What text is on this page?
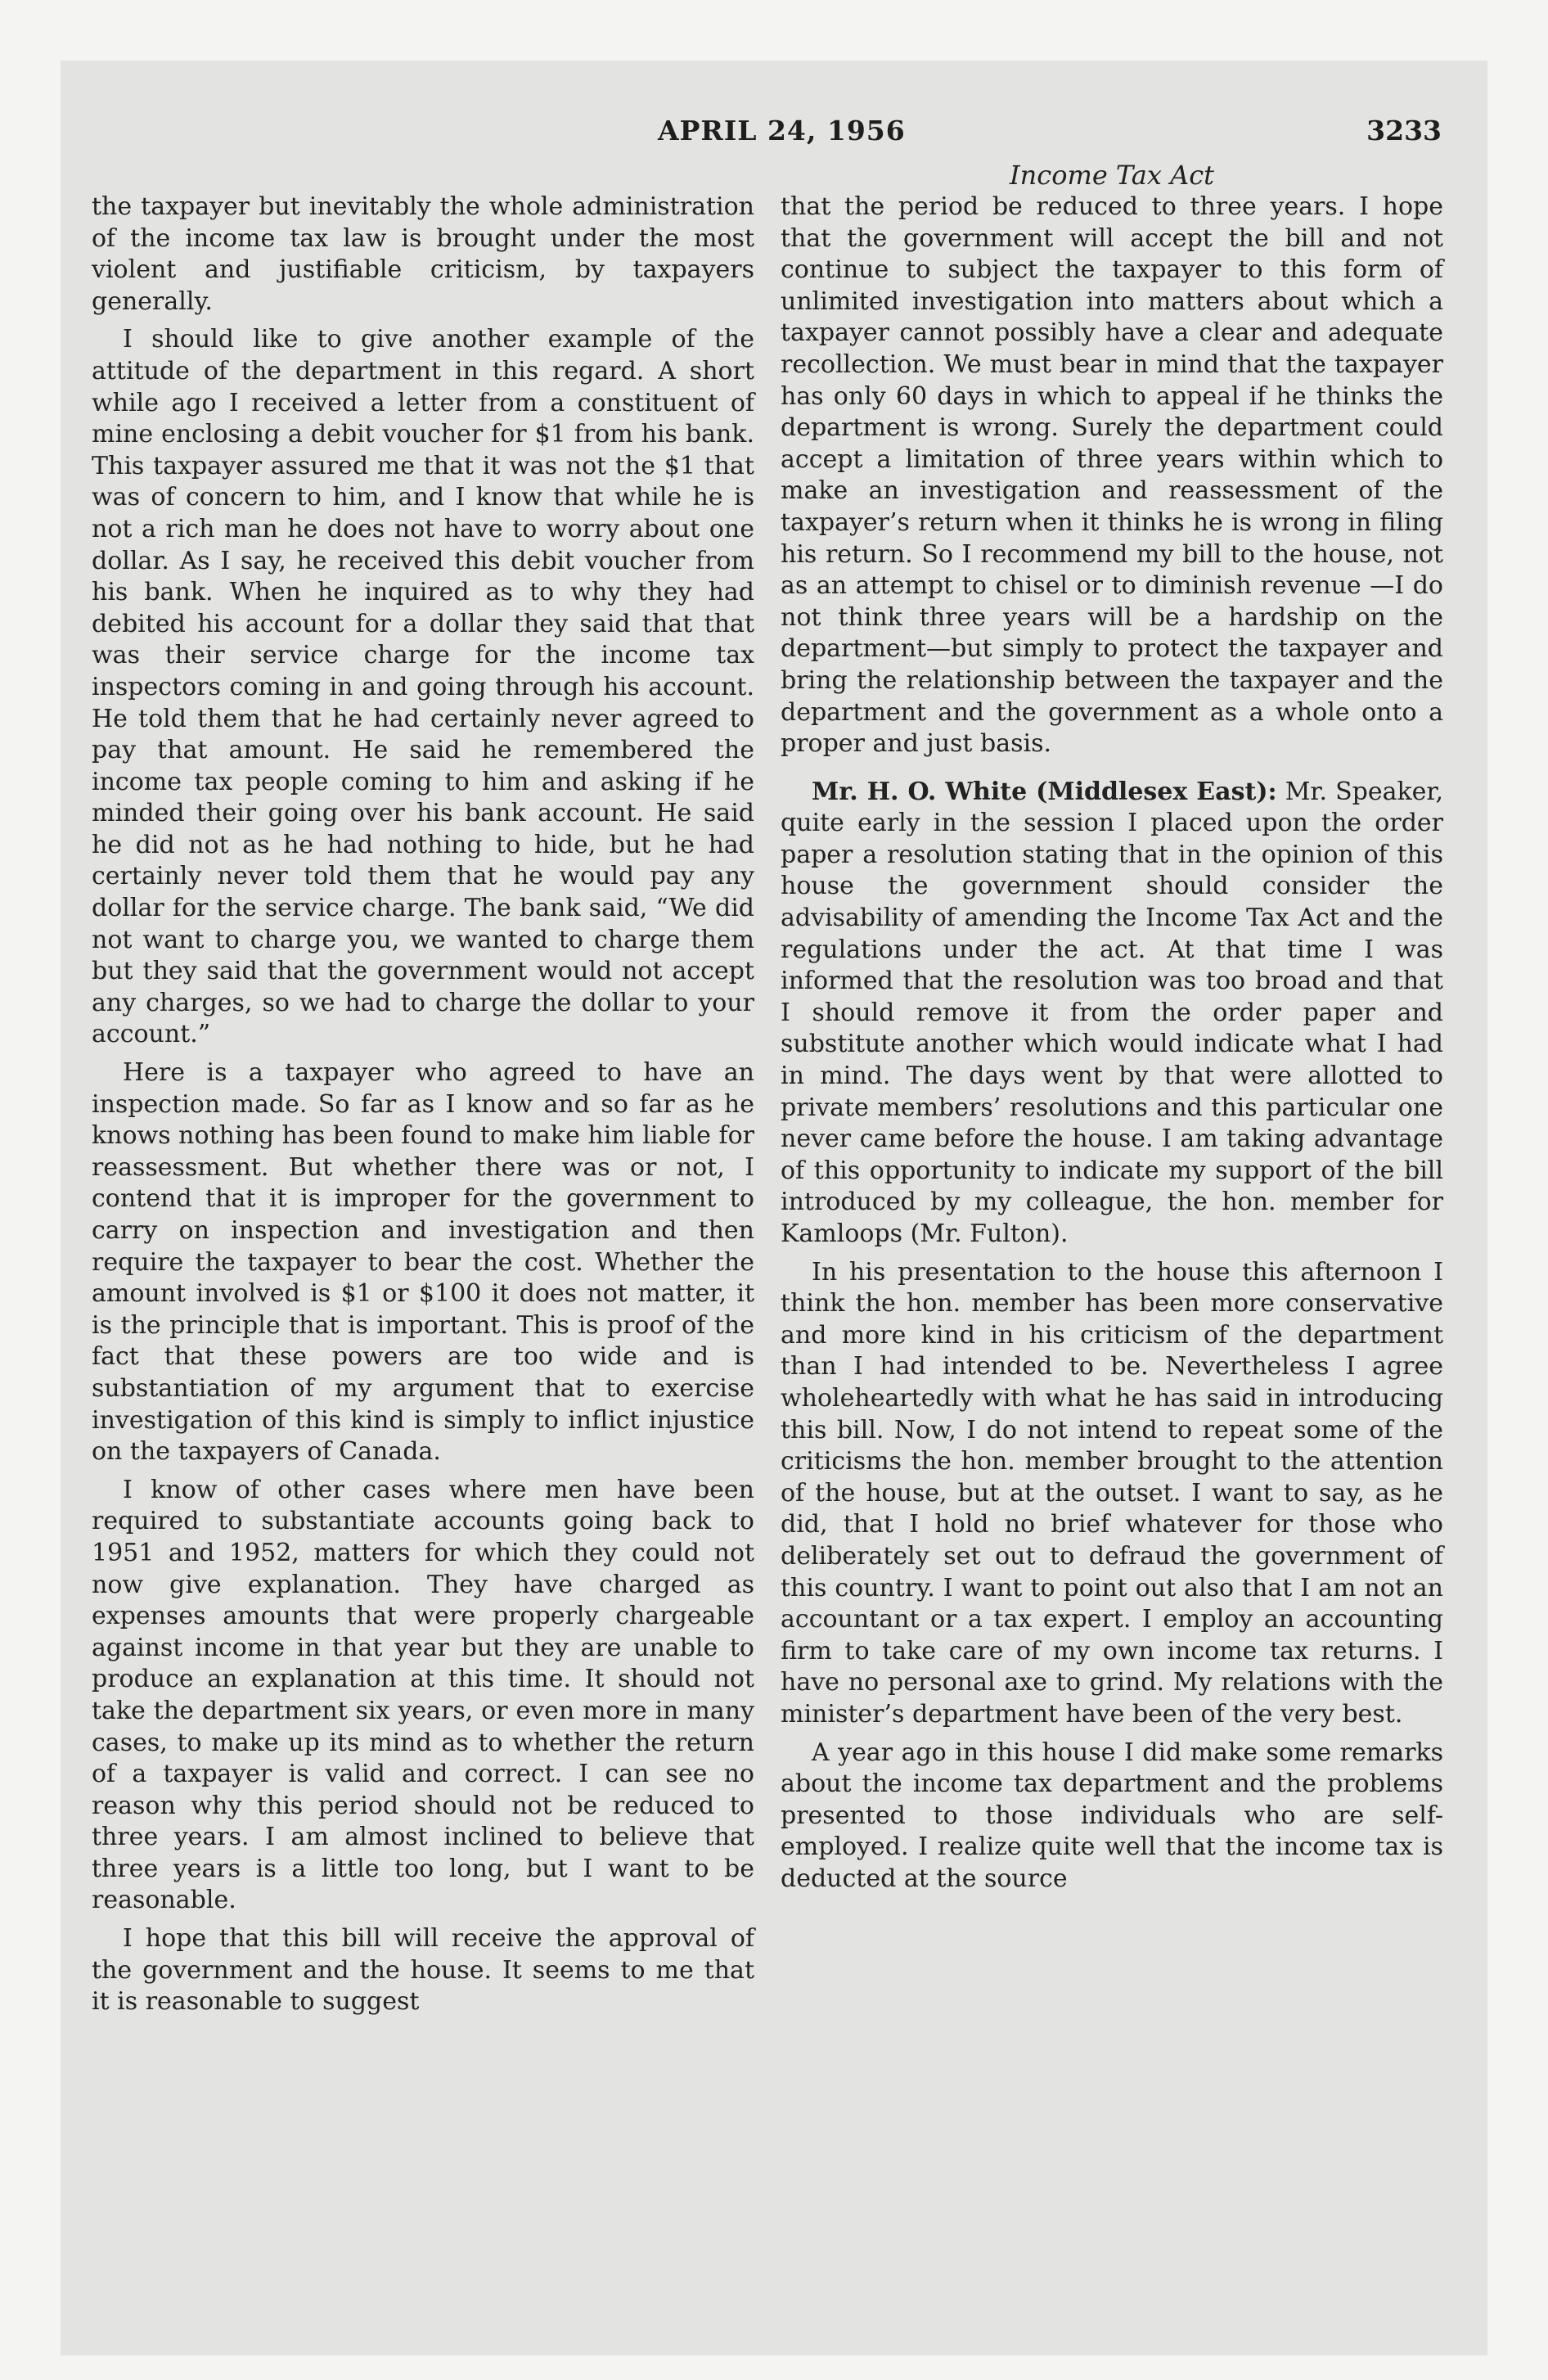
APRIL 24, 1956	3233

the taxpayer but inevitably the whole administration of the income tax law is brought under the most violent and justifiable criticism, by taxpayers generally.

I should like to give another example of the attitude of the department in this regard. A short while ago I received a letter from a constituent of mine enclosing a debit voucher for $1 from his bank. This taxpayer assured me that it was not the $1 that was of concern to him, and I know that while he is not a rich man he does not have to worry about one dollar. As I say, he received this debit voucher from his bank. When he inquired as to why they had debited his account for a dollar they said that that was their service charge for the income tax inspectors coming in and going through his account. He told them that he had certainly never agreed to pay that amount. He said he remembered the income tax people coming to him and asking if he minded their going over his bank account. He said he did not as he had nothing to hide, but he had certainly never told them that he would pay any dollar for the service charge. The bank said, “We did not want to charge you, we wanted to charge them but they said that the government would not accept any charges, so we had to charge the dollar to your account.”

Here is a taxpayer who agreed to have an inspection made. So far as I know and so far as he knows nothing has been found to make him liable for reassessment. But whether there was or not, I contend that it is improper for the government to carry on inspection and investigation and then require the taxpayer to bear the cost. Whether the amount involved is $1 or $100 it does not matter, it is the principle that is important. This is proof of the fact that these powers are too wide and is substantiation of my argument that to exercise investigation of this kind is simply to inflict injustice on the taxpayers of Canada.

I know of other cases where men have been required to substantiate accounts going back to 1951 and 1952, matters for which they could not now give explanation. They have charged as expenses amounts that were properly chargeable against income in that year but they are unable to produce an explanation at this time. It should not take the department six years, or even more in many cases, to make up its mind as to whether the return of a taxpayer is valid and correct. I can see no reason why this period should not be reduced to three years. I am almost inclined to believe that three years is a little too long, but I want to be reasonable.

I hope that this bill will receive the approval of the government and the house. It seems to me that it is reasonable to suggest

Income Tax Act

that the period be reduced to three years. I hope that the government will accept the bill and not continue to subject the taxpayer to this form of unlimited investigation into matters about which a taxpayer cannot possibly have a clear and adequate recollection. We must bear in mind that the taxpayer has only 60 days in which to appeal if he thinks the department is wrong. Surely the department could accept a limitation of three years within which to make an investigation and reassessment of the taxpayer’s return when it thinks he is wrong in filing his return. So I recommend my bill to the house, not as an attempt to chisel or to diminish revenue —I do not think three years will be a hardship on the department—but simply to protect the taxpayer and bring the relationship between the taxpayer and the department and the government as a whole onto a proper and just basis.

Mr. H. O. White (Middlesex East): Mr. Speaker, quite early in the session I placed upon the order paper a resolution stating that in the opinion of this house the government should consider the advisability of amending the Income Tax Act and the regulations under the act. At that time I was informed that the resolution was too broad and that I should remove it from the order paper and substitute another which would indicate what I had in mind. The days went by that were allotted to private members’ resolutions and this particular one never came before the house. I am taking advantage of this opportunity to indicate my support of the bill introduced by my colleague, the hon. member for Kamloops (Mr. Fulton).

In his presentation to the house this afternoon I think the hon. member has been more conservative and more kind in his criticism of the department than I had intended to be. Nevertheless I agree wholeheartedly with what he has said in introducing this bill. Now, I do not intend to repeat some of the criticisms the hon. member brought to the attention of the house, but at the outset. I want to say, as he did, that I hold no brief whatever for those who deliberately set out to defraud the government of this country. I want to point out also that I am not an accountant or a tax expert. I employ an accounting firm to take care of my own income tax returns. I have no personal axe to grind. My relations with the minister’s department have been of the very best.

A year ago in this house I did make some remarks about the income tax department and the problems presented to those individuals who are self-employed. I realize quite well that the income tax is deducted at the source
